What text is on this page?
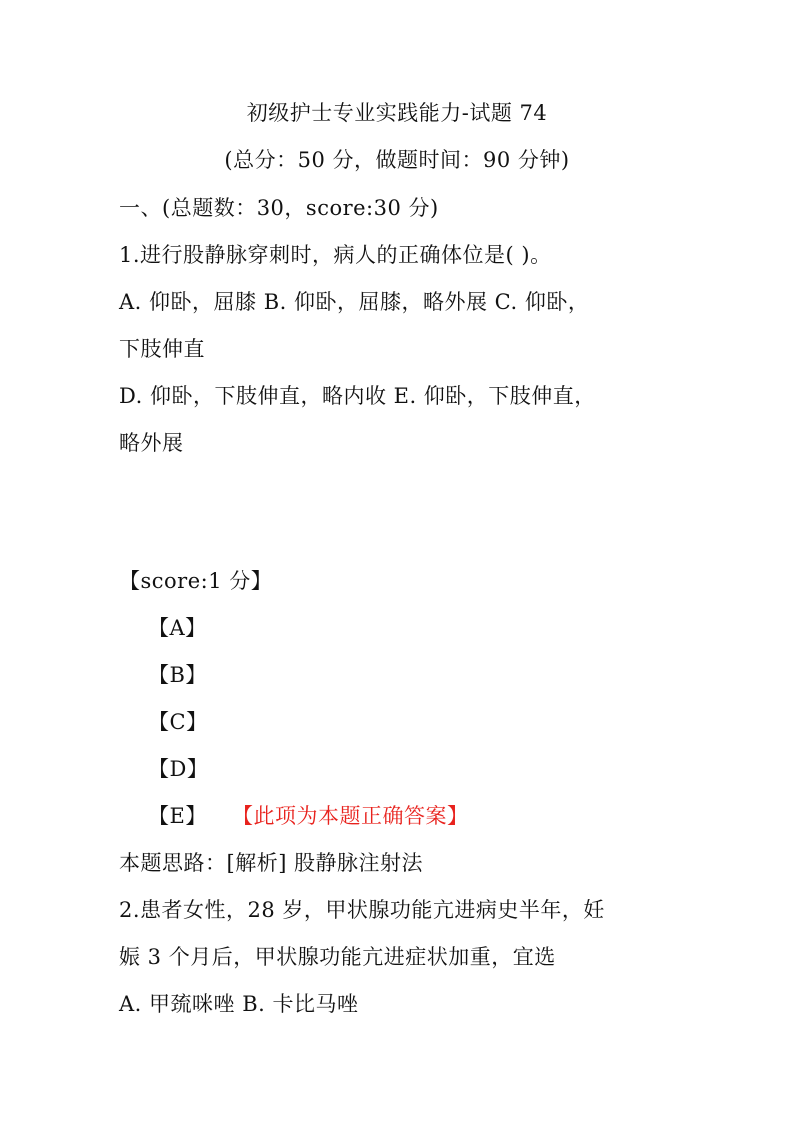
初级护士专业实践能力-试题 74
(总分：50 分，做题时间：90 分钟)
一、(总题数：30，score:30 分)
1.进行股静脉穿刺时，病人的正确体位是( )。
A. 仰卧，屈膝 B. 仰卧，屈膝，略外展 C. 仰卧，
下肢伸直
D. 仰卧，下肢伸直，略内收 E. 仰卧，下肢伸直，
略外展
【score:1 分】
【A】
【B】
【C】
【D】
【E】 【此项为本题正确答案】
本题思路：[解析] 股静脉注射法
2.患者女性，28 岁，甲状腺功能亢进病史半年，妊
娠 3 个月后，甲状腺功能亢进症状加重，宜选
A. 甲巯咪唑 B. 卡比马唑
